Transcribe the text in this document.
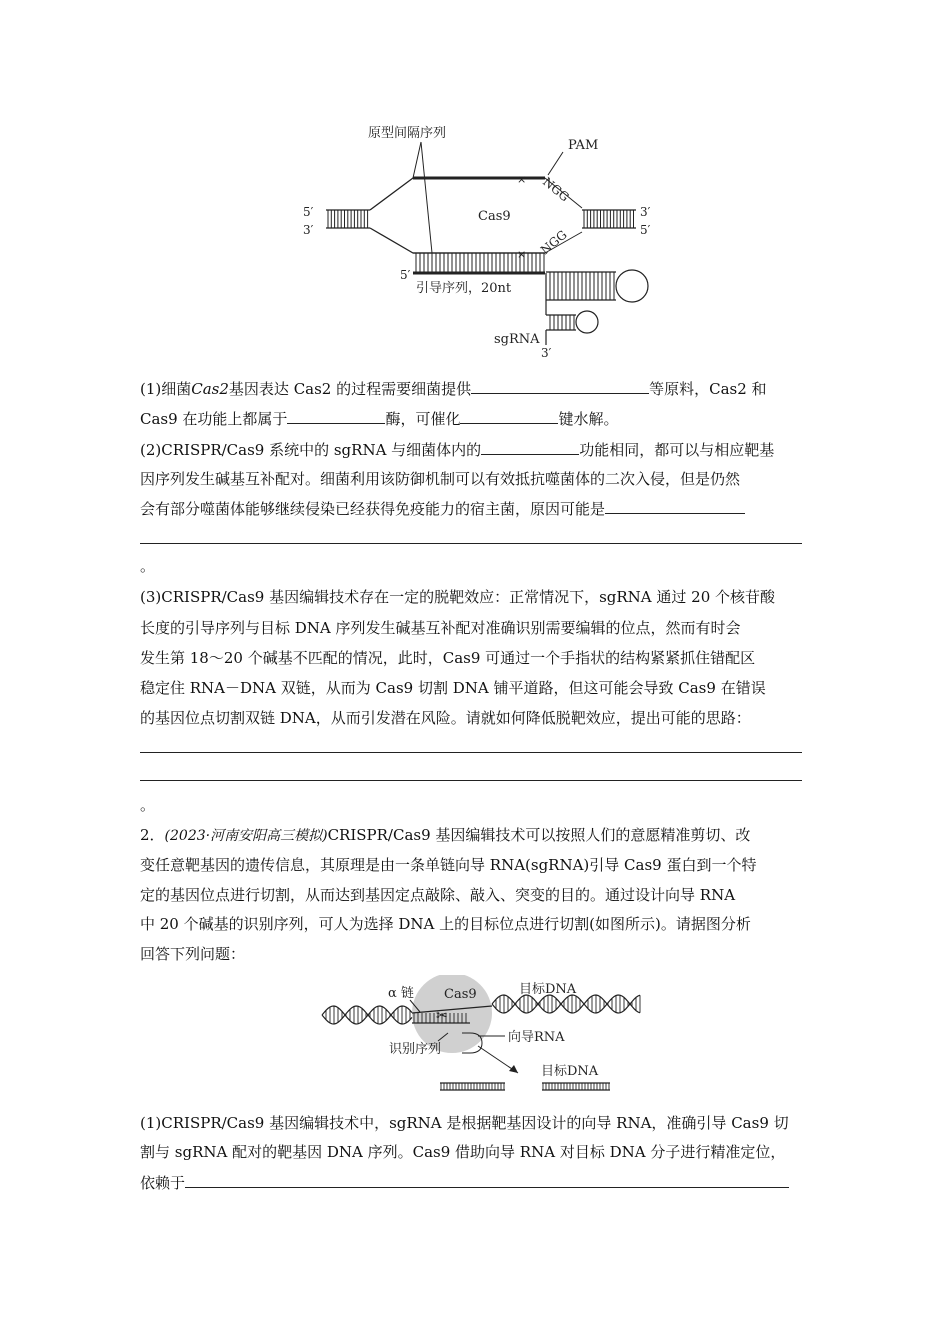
原型间隔序列
PAM
5′
3′
×
×
Cas9
NGG
NGG
3′
5′
5′
引导序列，20nt
sgRNA
3′
(1)细菌Cas2基因表达 Cas2 的过程需要细菌提供	等原料，Cas2 和
Cas9 在功能上都属于	酶，可催化	键水解。
(2)CRISPR/Cas9 系统中的 sgRNA 与细菌体内的	功能相同，都可以与相应靶基
因序列发生碱基互补配对。细菌利用该防御机制可以有效抵抗噬菌体的二次入侵，但是仍然
会有部分噬菌体能够继续侵染已经获得免疫能力的宿主菌，原因可能是
。
(3)CRISPR/Cas9 基因编辑技术存在一定的脱靶效应：正常情况下，sgRNA 通过 20 个核苷酸
长度的引导序列与目标 DNA 序列发生碱基互补配对准确识别需要编辑的位点，然而有时会
发生第 18～20 个碱基不匹配的情况，此时，Cas9 可通过一个手指状的结构紧紧抓住错配区
稳定住 RNA－DNA 双链，从而为 Cas9 切割 DNA 铺平道路，但这可能会导致 Cas9 在错误
的基因位点切割双链 DNA，从而引发潜在风险。请就如何降低脱靶效应，提出可能的思路：
。
2．(2023·河南安阳高三模拟)CRISPR/Cas9 基因编辑技术可以按照人们的意愿精准剪切、改
变任意靶基因的遗传信息，其原理是由一条单链向导 RNA(sgRNA)引导 Cas9 蛋白到一个特
定的基因位点进行切割，从而达到基因定点敲除、敲入、突变的目的。通过设计向导 RNA
中 20 个碱基的识别序列，可人为选择 DNA 上的目标位点进行切割(如图所示)。请据图分析
回答下列问题：
✂
α 链 Cas9	目标DNA
向导RNA
识别序列
目标DNA
(1)CRISPR/Cas9 基因编辑技术中，sgRNA 是根据靶基因设计的向导 RNA，准确引导 Cas9 切
割与 sgRNA 配对的靶基因 DNA 序列。Cas9 借助向导 RNA 对目标 DNA 分子进行精准定位，
依赖于
